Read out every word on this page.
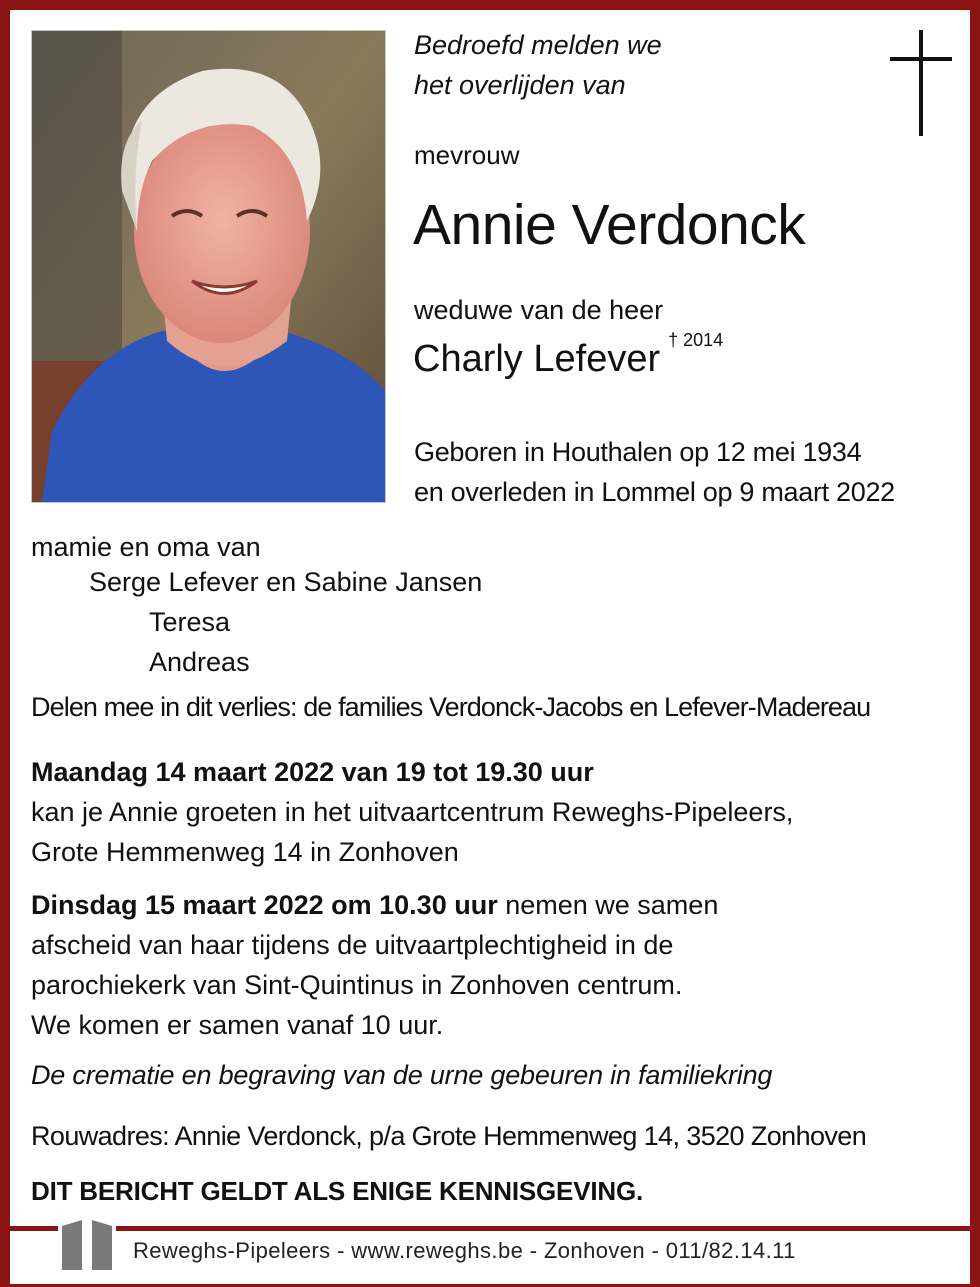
Bedroefd melden we
het overlijden van
mevrouw
Annie Verdonck
weduwe van de heer
Charly Lefever $^{\dagger 2014}$
Geboren in Houthalen op 12 mei 1934
en overleden in Lommel op 9 maart 2022
mamie en oma van
Serge Lefever en Sabine Jansen
Teresa
Andreas
Delen mee in dit verlies: de families Verdonck-Jacobs en Lefever-Madereau
Maandag 14 maart 2022 van 19 tot 19.30 uur
kan je Annie groeten in het uitvaartcentrum Reweghs-Pipeleers,
Grote Hemmenweg 14 in Zonhoven
Dinsdag 15 maart 2022 om 10.30 uur nemen we samen
afscheid van haar tijdens de uitvaartplechtigheid in de
parochiekerk van Sint-Quintinus in Zonhoven centrum.
We komen er samen vanaf 10 uur.
De crematie en begraving van de urne gebeuren in familiekring
Rouwadres: Annie Verdonck, p/a Grote Hemmenweg 14, 3520 Zonhoven
DIT BERICHT GELDT ALS ENIGE KENNISGEVING.
Reweghs-Pipeleers - www.reweghs.be - Zonhoven - 011/82.14.11
